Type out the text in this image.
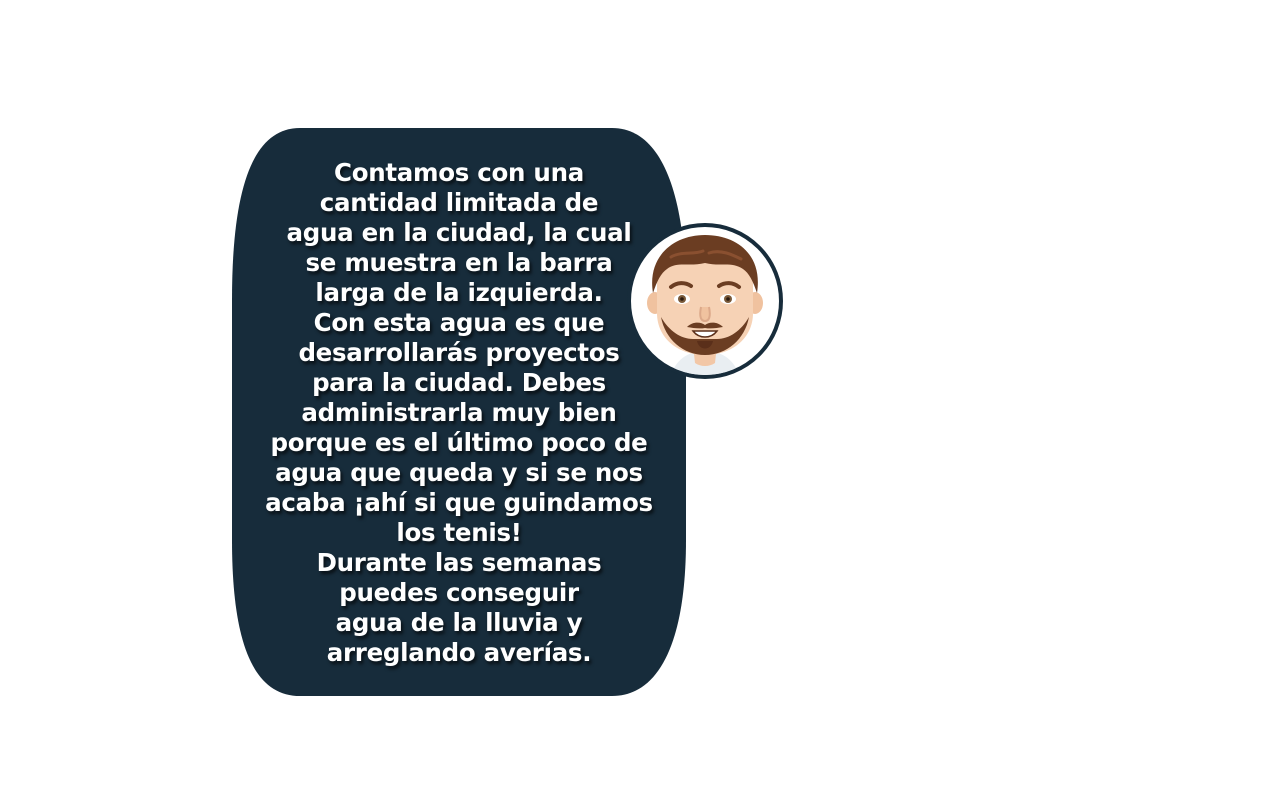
Contamos con una
cantidad limitada de
agua en la ciudad, la cual
se muestra en la barra
larga de la izquierda.
Con esta agua es que
desarrollarás proyectos
para la ciudad. Debes
administrarla muy bien
porque es el último poco de
agua que queda y si se nos
acaba ¡ahí si que guindamos
los tenis!
Durante las semanas
puedes conseguir
agua de la lluvia y
arreglando averías.
